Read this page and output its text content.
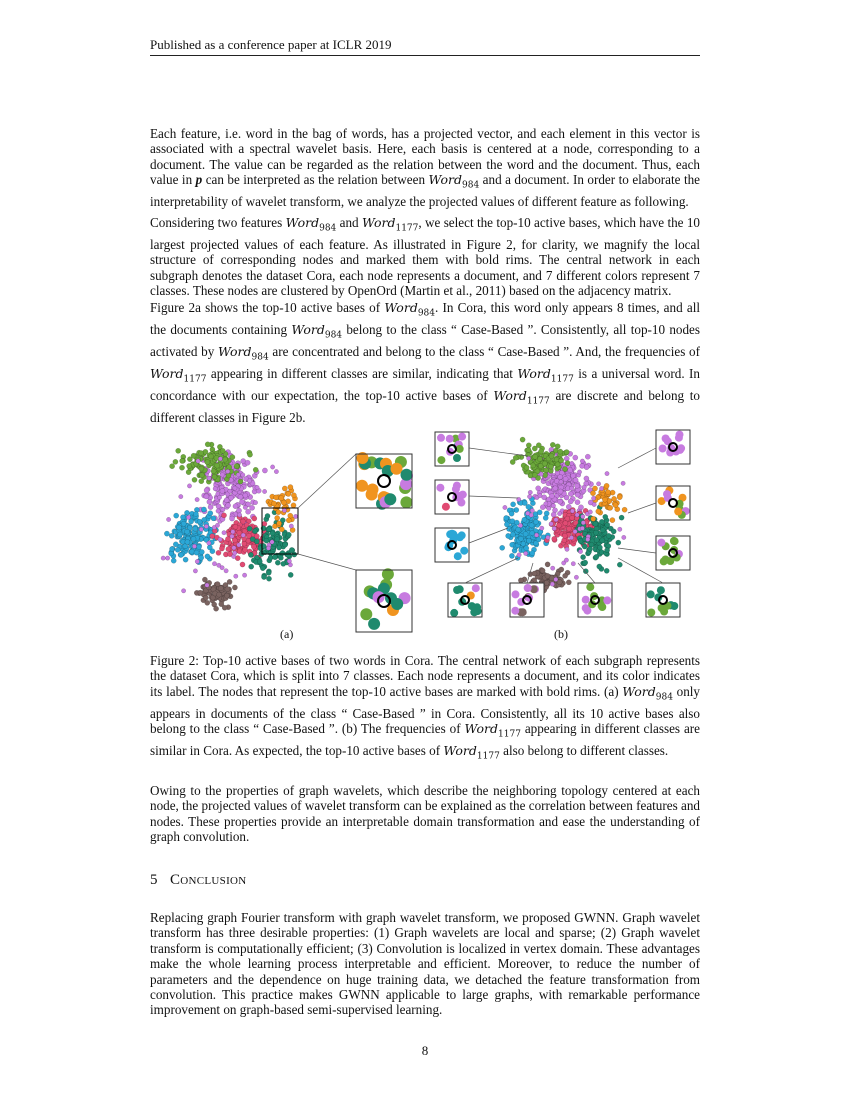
Published as a conference paper at ICLR 2019

Each feature, i.e. word in the bag of words, has a projected vector, and each element in this vector is associated with a spectral wavelet basis. Here, each basis is centered at a node, corresponding to a document. The value can be regarded as the relation between the word and the document. Thus, each value in p can be interpreted as the relation between Word$_{984}$ and a document. In order to elaborate the interpretability of wavelet transform, we analyze the projected values of different feature as following.

Considering two features Word$_{984}$ and Word$_{1177}$, we select the top-10 active bases, which have the 10 largest projected values of each feature. As illustrated in Figure 2, for clarity, we magnify the local structure of corresponding nodes and marked them with bold rims. The central network in each subgraph denotes the dataset Cora, each node represents a document, and 7 different colors represent 7 classes. These nodes are clustered by OpenOrd (Martin et al., 2011) based on the adjacency matrix.

Figure 2a shows the top-10 active bases of Word$_{984}$. In Cora, this word only appears 8 times, and all the documents containing Word$_{984}$ belong to the class “ Case-Based ”. Consistently, all top-10 nodes activated by Word$_{984}$ are concentrated and belong to the class “ Case-Based ”. And, the frequencies of Word$_{1177}$ appearing in different classes are similar, indicating that Word$_{1177}$ is a universal word. In concordance with our expectation, the top-10 active bases of Word$_{1177}$ are discrete and belong to different classes in Figure 2b.

(a)	(b)

Figure 2: Top-10 active bases of two words in Cora. The central network of each subgraph represents the dataset Cora, which is split into 7 classes. Each node represents a document, and its color indicates its label. The nodes that represent the top-10 active bases are marked with bold rims. (a) Word$_{984}$ only appears in documents of the class “ Case-Based ” in Cora. Consistently, all its 10 active bases also belong to the class “ Case-Based ”. (b) The frequencies of Word$_{1177}$ appearing in different classes are similar in Cora. As expected, the top-10 active bases of Word$_{1177}$ also belong to different classes.

Owing to the properties of graph wavelets, which describe the neighboring topology centered at each node, the projected values of wavelet transform can be explained as the correlation between features and nodes. These properties provide an interpretable domain transformation and ease the understanding of graph convolution.

5 Conclusion

Replacing graph Fourier transform with graph wavelet transform, we proposed GWNN. Graph wavelet transform has three desirable properties: (1) Graph wavelets are local and sparse; (2) Graph wavelet transform is computationally efficient; (3) Convolution is localized in vertex domain. These advantages make the whole learning process interpretable and efficient. Moreover, to reduce the number of parameters and the dependence on huge training data, we detached the feature transformation from convolution. This practice makes GWNN applicable to large graphs, with remarkable performance improvement on graph-based semi-supervised learning.

8
